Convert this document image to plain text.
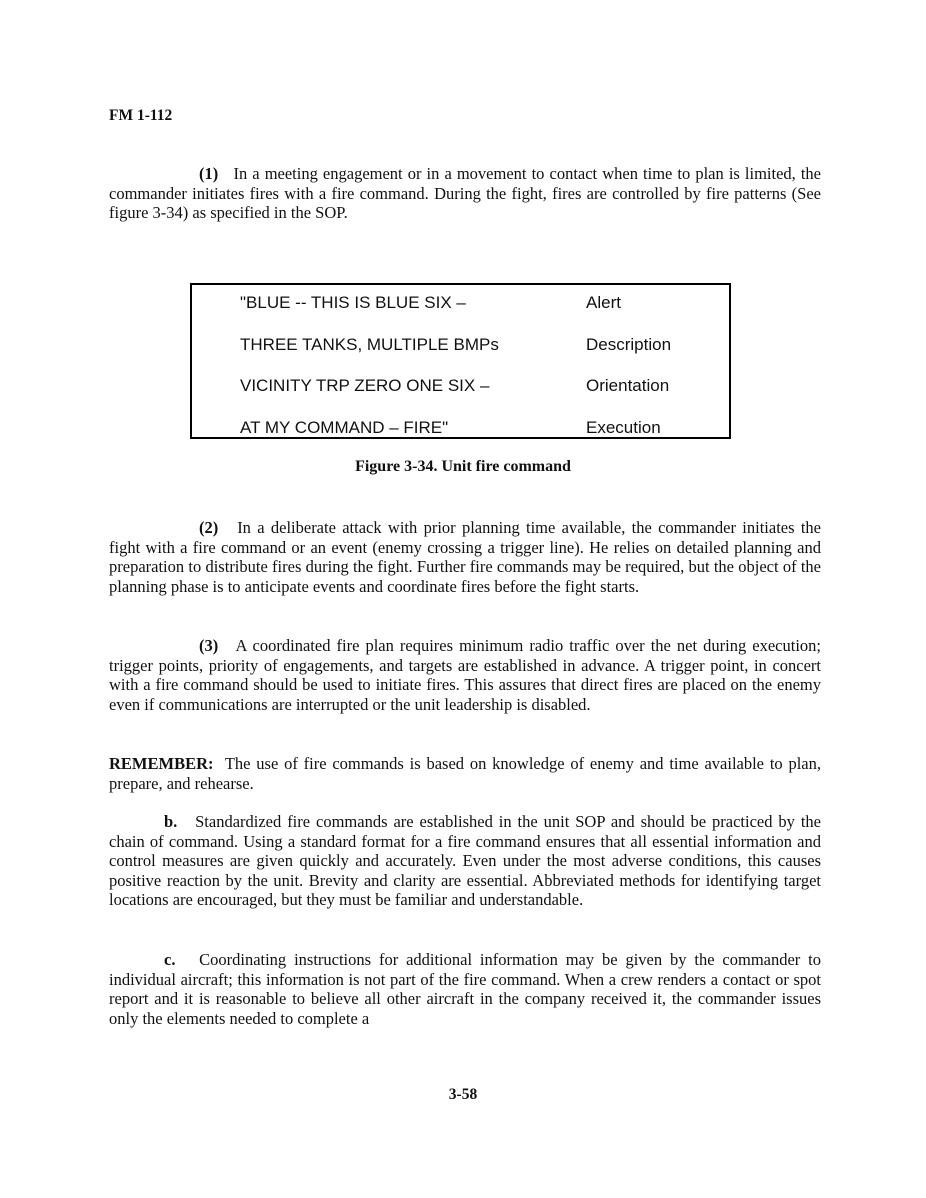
FM 1-112

(1) In a meeting engagement or in a movement to contact when time to plan is limited, the commander initiates fires with a fire command. During the fight, fires are controlled by fire patterns (See figure 3-34) as specified in the SOP.

"BLUE -- THIS IS BLUE SIX –	Alert
THREE TANKS, MULTIPLE BMPs	Description
VICINITY TRP ZERO ONE SIX –	Orientation
AT MY COMMAND – FIRE"	Execution
Figure 3-34. Unit fire command

(2) In a deliberate attack with prior planning time available, the commander initiates the fight with a fire command or an event (enemy crossing a trigger line). He relies on detailed planning and preparation to distribute fires during the fight. Further fire commands may be required, but the object of the planning phase is to anticipate events and coordinate fires before the fight starts.

(3) A coordinated fire plan requires minimum radio traffic over the net during execution; trigger points, priority of engagements, and targets are established in advance. A trigger point, in concert with a fire command should be used to initiate fires. This assures that direct fires are placed on the enemy even if communications are interrupted or the unit leadership is disabled.

REMEMBER: The use of fire commands is based on knowledge of enemy and time available to plan, prepare, and rehearse.

b. Standardized fire commands are established in the unit SOP and should be practiced by the chain of command. Using a standard format for a fire command ensures that all essential information and control measures are given quickly and accurately. Even under the most adverse conditions, this causes positive reaction by the unit. Brevity and clarity are essential. Abbreviated methods for identifying target locations are encouraged, but they must be familiar and understandable.

c. Coordinating instructions for additional information may be given by the commander to individual aircraft; this information is not part of the fire command. When a crew renders a contact or spot report and it is reasonable to believe all other aircraft in the company received it, the commander issues only the elements needed to complete a

3-58
